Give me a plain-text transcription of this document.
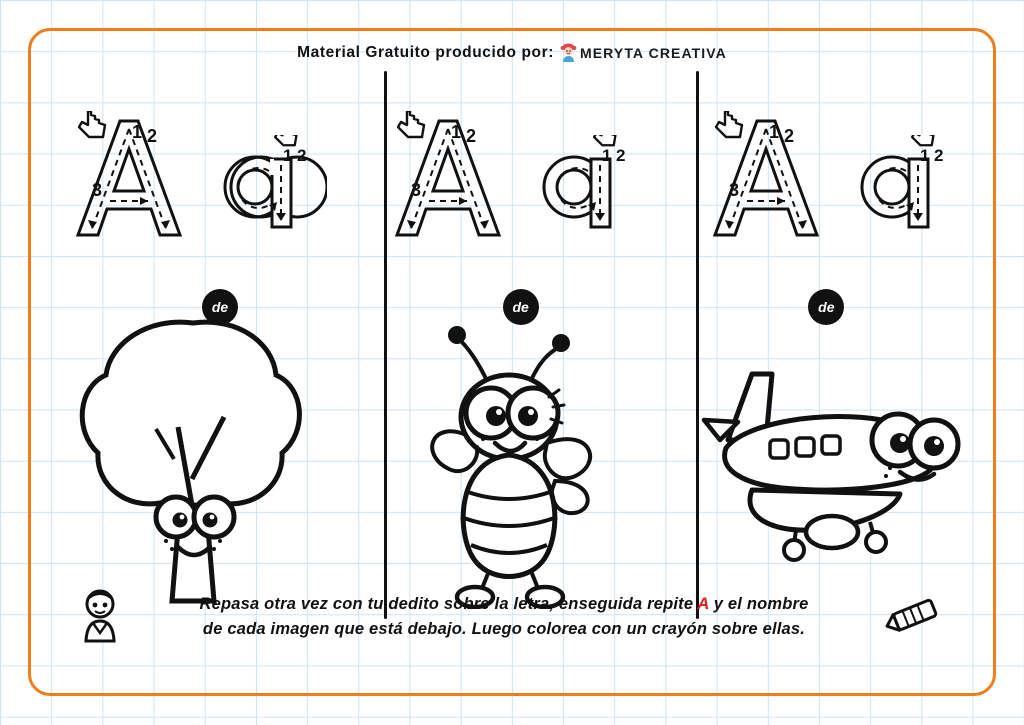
Material Gratuito producido por: MERYTA CREATIVA
1 2
3
1 2
de
1 2
3
1 2
de
1 2
3
1 2
de
Repasa otra vez con tu dedito sobre la letra, enseguida repite A y el nombre
de cada imagen que está debajo. Luego colorea con un crayón sobre ellas.
